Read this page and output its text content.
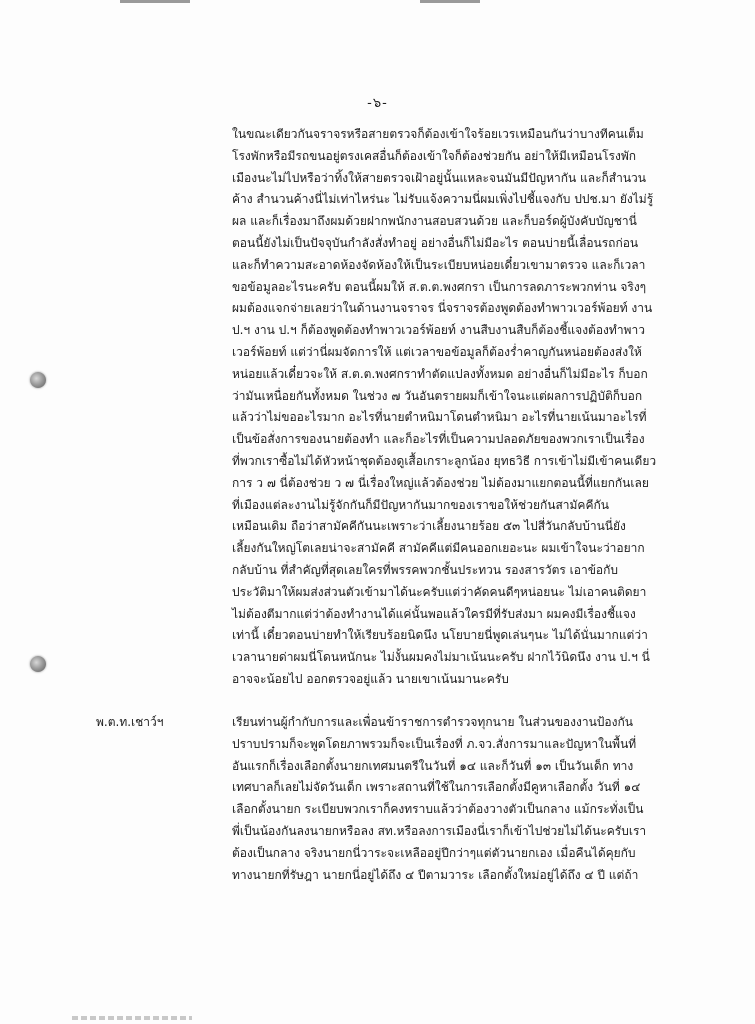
-๖-
ในขณะเดียวกันจราจรหรือสายตรวจก็ต้องเข้าใจร้อยเวรเหมือนกันว่าบางทีคนเต็ม
โรงพักหรือมีรถขนอยู่ตรงเคสอื่นก็ต้องเข้าใจก็ต้องช่วยกัน อย่าให้มีเหมือนโรงพัก
เมืองนะไม่ไปหรือว่าทิ้งให้สายตรวจเฝ้าอยู่นั้นแหละจนมันมีปัญหากัน และก็สำนวน
ค้าง สำนวนค้างนี่ไม่เท่าไหร่นะ ไม่รับแจ้งความนี่ผมเพิ่งไปชี้แจงกับ ปปช.มา ยังไม่รู้
ผล และก็เรื่องมาถึงผมด้วยฝากพนักงานสอบสวนด้วย และก็บอร์ดผู้บังคับบัญชานี่
ตอนนี้ยังไม่เป็นปัจจุบันกำลังสั่งทำอยู่ อย่างอื่นก็ไม่มีอะไร ตอนบ่ายนี้เลื่อนรถก่อน
และก็ทำความสะอาดห้องจัดห้องให้เป็นระเบียบหน่อยเดี๋ยวเขามาตรวจ และก็เวลา
ขอข้อมูลอะไรนะครับ ตอนนี้ผมให้ ส.ต.ต.พงศกรา เป็นการลดภาระพวกท่าน จริงๆ
ผมต้องแจกจ่ายเลยว่าในด้านงานจราจร นี่จราจรต้องพูดต้องทำพาวเวอร์พ้อยท์ งาน
ป.ฯ งาน ป.ฯ ก็ต้องพูดต้องทำพาวเวอร์พ้อยท์ งานสืบงานสืบก็ต้องชี้แจงต้องทำพาว
เวอร์พ้อยท์ แต่ว่านี่ผมจัดการให้ แต่เวลาขอข้อมูลก็ต้องร่ำคาญกันหน่อยต้องส่งให้
หน่อยแล้วเดี๋ยวจะให้ ส.ต.ต.พงศกราทำตัดแปลงทั้งหมด อย่างอื่นก็ไม่มีอะไร ก็บอก
ว่ามันเหนื่อยกันทั้งหมด ในช่วง ๗ วันอันตรายผมก็เข้าใจนะแต่ผลการปฏิบัติก็บอก
แล้วว่าไม่ขออะไรมาก อะไรที่นายตำหนิมาโดนตำหนิมา อะไรที่นายเน้นมาอะไรที่
เป็นข้อสั่งการของนายต้องทำ และก็อะไรที่เป็นความปลอดภัยของพวกเราเป็นเรื่อง
ที่พวกเราซื้อไม่ได้หัวหน้าชุดต้องดูเสื้อเกราะลูกน้อง ยุทธวิธี การเข้าไม่มีเข้าคนเดียว
การ ว ๗ นี่ต้องช่วย ว ๗ นี่เรื่องใหญ่แล้วต้องช่วย ไม่ต้องมาแยกตอนนี้ที่แยกกันเลย
ที่เมืองแต่ละงานไม่รู้จักกันก็มีปัญหากันมากของเราขอให้ช่วยกันสามัคคีกัน
เหมือนเดิม ถือว่าสามัคคีกันนะเพราะว่าเลี้ยงนายร้อย ๕๓ ไปสี่วันกลับบ้านนี่ยัง
เลี้ยงกันใหญ่โตเลยน่าจะสามัคคี สามัคคีแต่มีคนออกเยอะนะ ผมเข้าใจนะว่าอยาก
กลับบ้าน ที่สำคัญที่สุดเลยใครที่พรรคพวกชั้นประทวน รองสารวัตร เอาข้อกับ
ประวัติมาให้ผมส่งส่วนตัวเข้ามาได้นะครับแต่ว่าคัดคนดีๆหน่อยนะ ไม่เอาคนติดยา
ไม่ต้องตีมากแต่ว่าต้องทำงานได้แค่นั้นพอแล้วใครมีที่รับส่งมา ผมคงมีเรื่องชี้แจง
เท่านี้ เดี๋ยวตอนบ่ายทำให้เรียบร้อยนิดนึง นโยบายนี่พูดเล่นๆนะ ไม่ได้นั่นมากแต่ว่า
เวลานายด่าผมนี่โดนหนักนะ ไม่งั้นผมคงไม่มาเน้นนะครับ ฝากไว้นิดนึง งาน ป.ฯ นี่
อาจจะน้อยไป ออกตรวจอยู่แล้ว นายเขาเน้นมานะครับ
พ.ต.ท.เชาว์ฯ	เรียนท่านผู้กำกับการและเพื่อนข้าราชการตำรวจทุกนาย ในส่วนของงานป้องกัน
ปราบปรามก็จะพูดโดยภาพรวมก็จะเป็นเรื่องที่ ภ.จว.สั่งการมาและปัญหาในพื้นที่
อันแรกก็เรื่องเลือกตั้งนายกเทศมนตรีในวันที่ ๑๔ และก็วันที่ ๑๓ เป็นวันเด็ก ทาง
เทศบาลก็เลยไม่จัดวันเด็ก เพราะสถานที่ใช้ในการเลือกตั้งมีคูหาเลือกตั้ง วันที่ ๑๔
เลือกตั้งนายก ระเบียบพวกเราก็คงทราบแล้วว่าต้องวางตัวเป็นกลาง แม้กระทั่งเป็น
พี่เป็นน้องกันลงนายกหรือลง สท.หรือลงการเมืองนี่เราก็เข้าไปช่วยไม่ได้นะครับเรา
ต้องเป็นกลาง จริงนายกนี่วาระจะเหลืออยู่ปีกว่าๆแต่ตัวนายกเอง เมื่อคืนได้คุยกับ
ทางนายกที่รัษฎา นายกนี่อยู่ได้ถึง ๔ ปีตามวาระ เลือกตั้งใหม่อยู่ได้ถึง ๔ ปี แต่ถ้า
